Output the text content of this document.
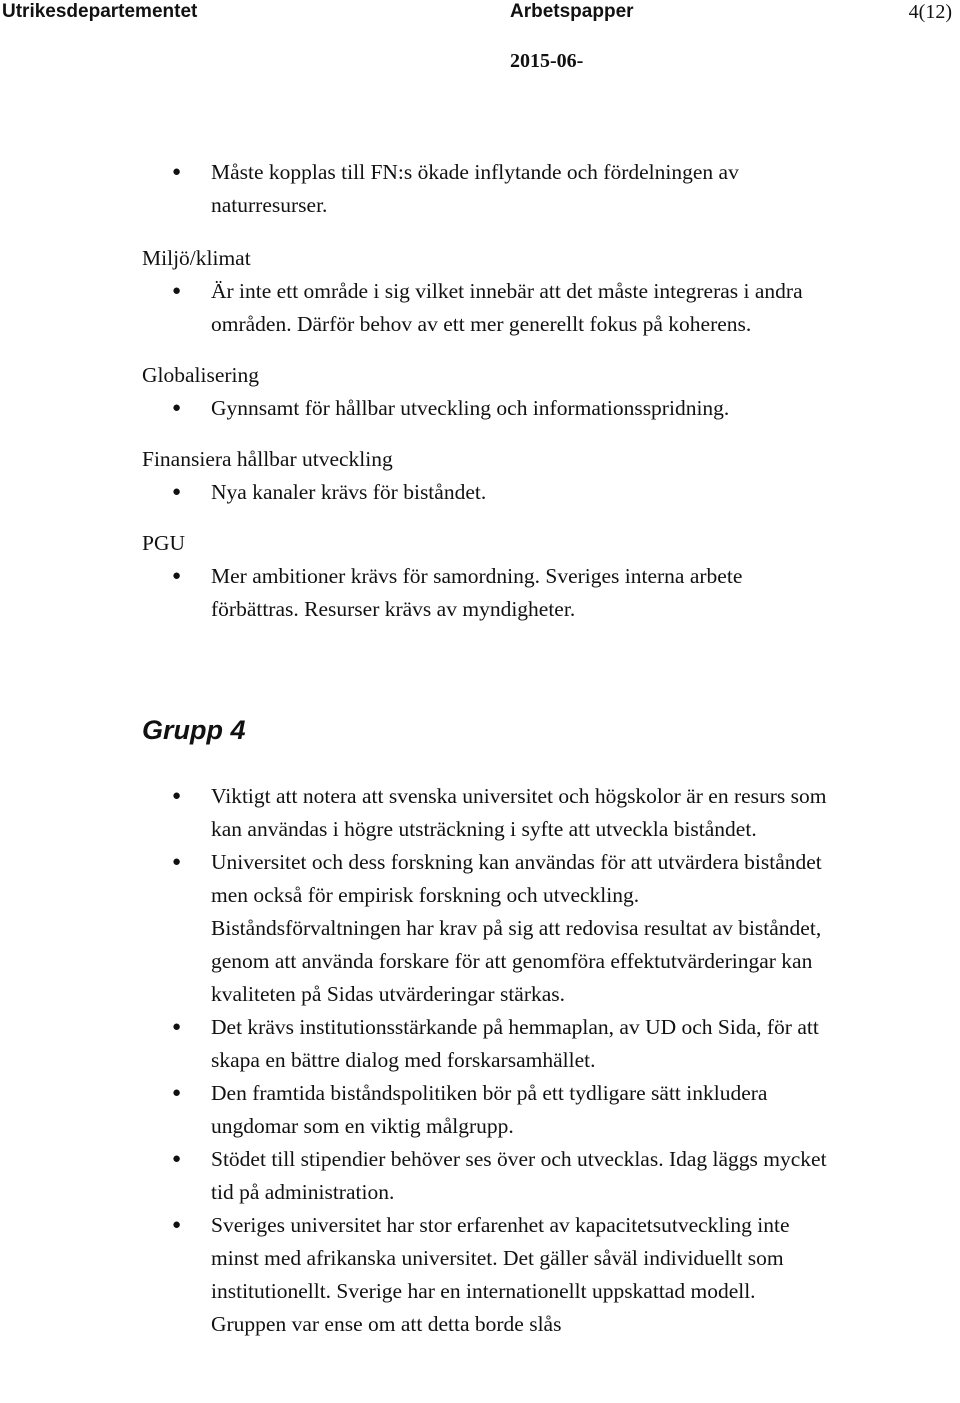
Utrikesdepartementet	Arbetspapper	4(12)
2015-06-
● Måste kopplas till FN:s ökade inflytande och fördelningen av naturresurser.
Miljö/klimat
● Är inte ett område i sig vilket innebär att det måste integreras i andra områden. Därför behov av ett mer generellt fokus på koherens.
Globalisering
● Gynnsamt för hållbar utveckling och informationsspridning.
Finansiera hållbar utveckling
● Nya kanaler krävs för biståndet.
PGU
● Mer ambitioner krävs för samordning. Sveriges interna arbete förbättras. Resurser krävs av myndigheter.
Grupp 4
● Viktigt att notera att svenska universitet och högskolor är en resurs som kan användas i högre utsträckning i syfte att utveckla biståndet.
● Universitet och dess forskning kan användas för att utvärdera biståndet men också för empirisk forskning och utveckling. Biståndsförvaltningen har krav på sig att redovisa resultat av biståndet, genom att använda forskare för att genomföra effektutvärderingar kan kvaliteten på Sidas utvärderingar stärkas.
● Det krävs institutionsstärkande på hemmaplan, av UD och Sida, för att skapa en bättre dialog med forskarsamhället.
● Den framtida biståndspolitiken bör på ett tydligare sätt inkludera ungdomar som en viktig målgrupp.
● Stödet till stipendier behöver ses över och utvecklas. Idag läggs mycket tid på administration.
● Sveriges universitet har stor erfarenhet av kapacitetsutveckling inte minst med afrikanska universitet. Det gäller såväl individuellt som institutionellt. Sverige har en internationellt uppskattad modell. Gruppen var ense om att detta borde slås
